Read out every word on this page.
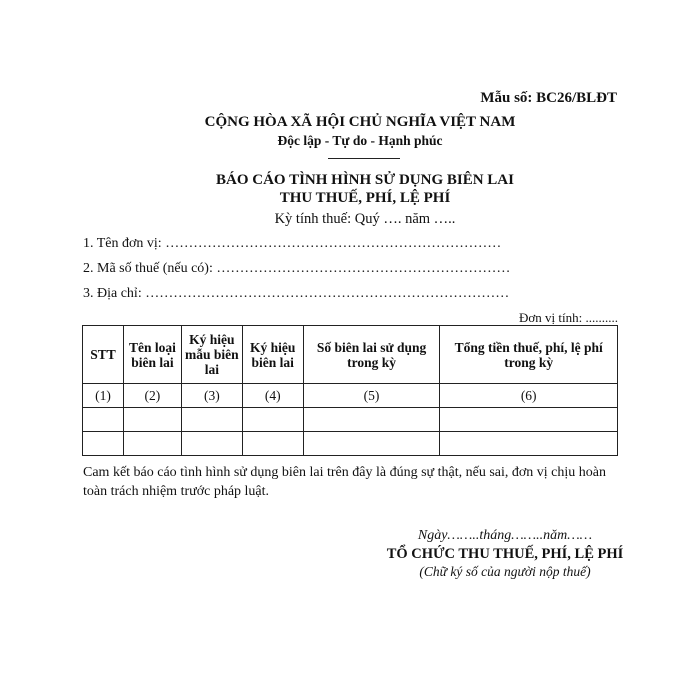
Mẫu số: BC26/BLĐT
CỘNG HÒA XÃ HỘI CHỦ NGHĨA VIỆT NAM
Độc lập - Tự do - Hạnh phúc
BÁO CÁO TÌNH HÌNH SỬ DỤNG BIÊN LAI
THU THUẾ, PHÍ, LỆ PHÍ
Kỳ tính thuế: Quý …. năm …..
1. Tên đơn vị: ………………………………………………………………
2. Mã số thuế (nếu có): ………………………………………………………
3. Địa chỉ: ……………………………………………………………………
Đơn vị tính: ..........
STT	Tên loại biên lai	Ký hiệu mẫu biên lai	Ký hiệu biên lai	Số biên lai sử dụng trong kỳ	Tổng tiền thuế, phí, lệ phí trong kỳ
(1)	(2)	(3)	(4)	(5)	(6)

Cam kết báo cáo tình hình sử dụng biên lai trên đây là đúng sự thật, nếu sai, đơn vị chịu hoàn toàn trách nhiệm trước pháp luật.
Ngày……..tháng……..năm……
TỔ CHỨC THU THUẾ, PHÍ, LỆ PHÍ
(Chữ ký số của người nộp thuế)
